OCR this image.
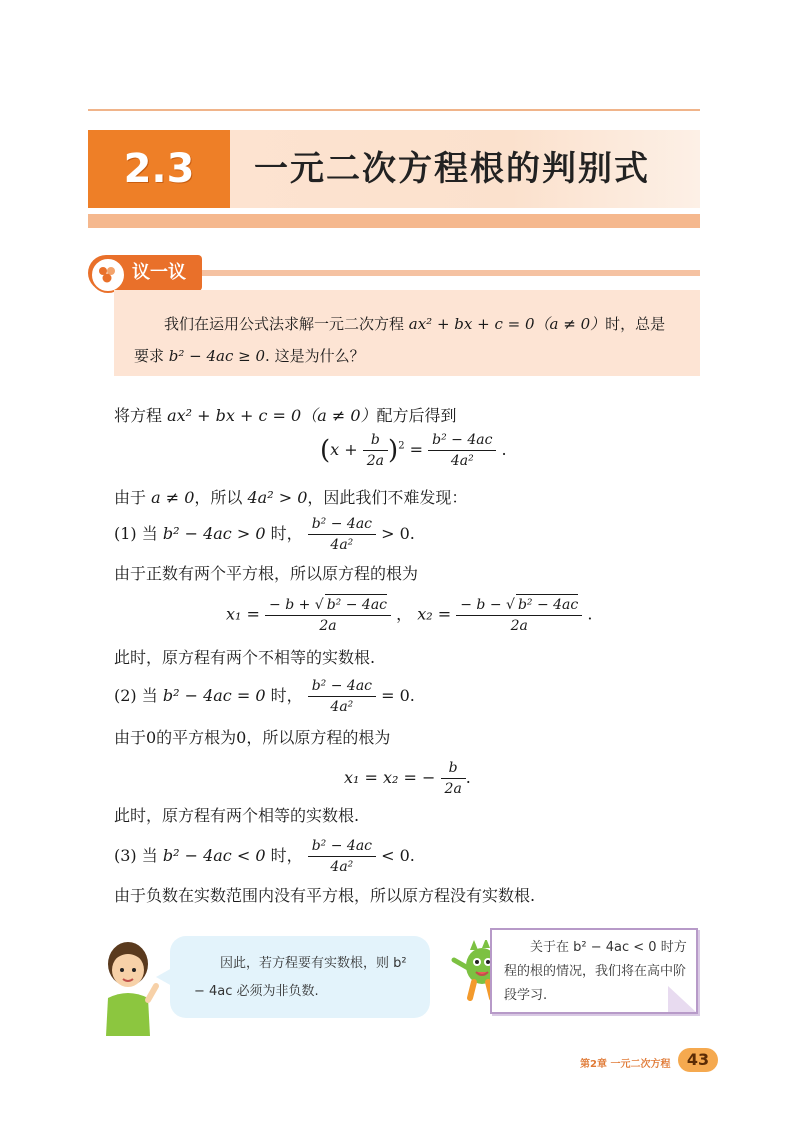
2.3	一元二次方程根的判别式
议一议
我们在运用公式法求解一元二次方程 ax² + bx + c = 0（a ≠ 0）时，总是要求 b² − 4ac ≥ 0. 这是为什么？
将方程 ax² + bx + c = 0（a ≠ 0）配方后得到
$(x + \frac{b}{2a} )^2 = \frac{\text{b² − 4ac}}{\text{4a²}}$ .
由于 a ≠ 0，所以 4a² > 0，因此我们不难发现：
(1) 当 b² − 4ac > 0 时， $\frac{\text{b² − 4ac}}{\text{4a²}} > 0$.
由于正数有两个平方根，所以原方程的根为
$x_1 = \frac{\text{− b + √ b² − 4ac}}{2a}$ ， $x_2 = \frac{\text{− b − √ b² − 4ac}}{2a}$ .
此时，原方程有两个不相等的实数根.
(2) 当 b² − 4ac = 0 时， $\frac{\text{b² − 4ac}}{\text{4a²}} = 0$.
由于0的平方根为0，所以原方程的根为
x₁ = x₂ = − $\frac{b}{2a}$ .
此时，原方程有两个相等的实数根.
(3) 当 b² − 4ac < 0 时， $\frac{\text{b² − 4ac}}{\text{4a²}} < 0$.
由于负数在实数范围内没有平方根，所以原方程没有实数根.
因此，若方程要有实数根，则 b² − 4ac 必须为非负数.
关于在 b² − 4ac < 0 时方程的根的情况，我们将在高中阶段学习.
第2章 一元二次方程	43
